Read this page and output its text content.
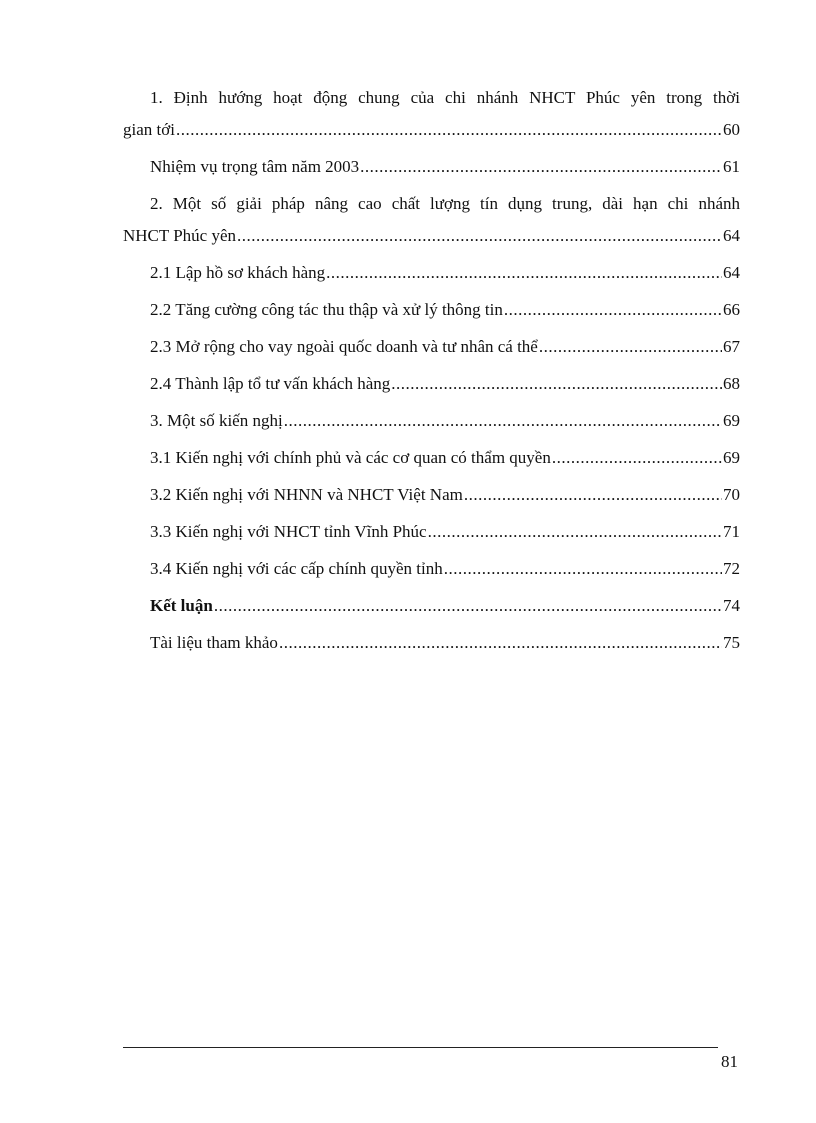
1. Định hướng hoạt động chung của chi nhánh NHCT Phúc yên trong thời
gian tới .....	60
Nhiệm vụ trọng tâm năm 2003 .....	61
2. Một số giải pháp nâng cao chất lượng tín dụng trung, dài hạn chi nhánh
NHCT Phúc yên .....	64
2.1 Lập hồ sơ khách hàng .....	64
2.2 Tăng cường công tác thu thập và xử lý thông tin .....	66
2.3 Mở rộng cho vay ngoài quốc doanh và tư nhân cá thể .....	67
2.4 Thành lập tổ tư vấn khách hàng .....	68
3. Một số kiến nghị .....	69
3.1 Kiến nghị với chính phủ và các cơ quan có thẩm quyền .....	69
3.2 Kiến nghị với NHNN và NHCT Việt Nam .....	70
3.3 Kiến nghị với NHCT tỉnh Vĩnh Phúc .....	71
3.4 Kiến nghị với các cấp chính quyền tỉnh .....	72
Kết luận .....	74
Tài liệu tham khảo .....	75
81
